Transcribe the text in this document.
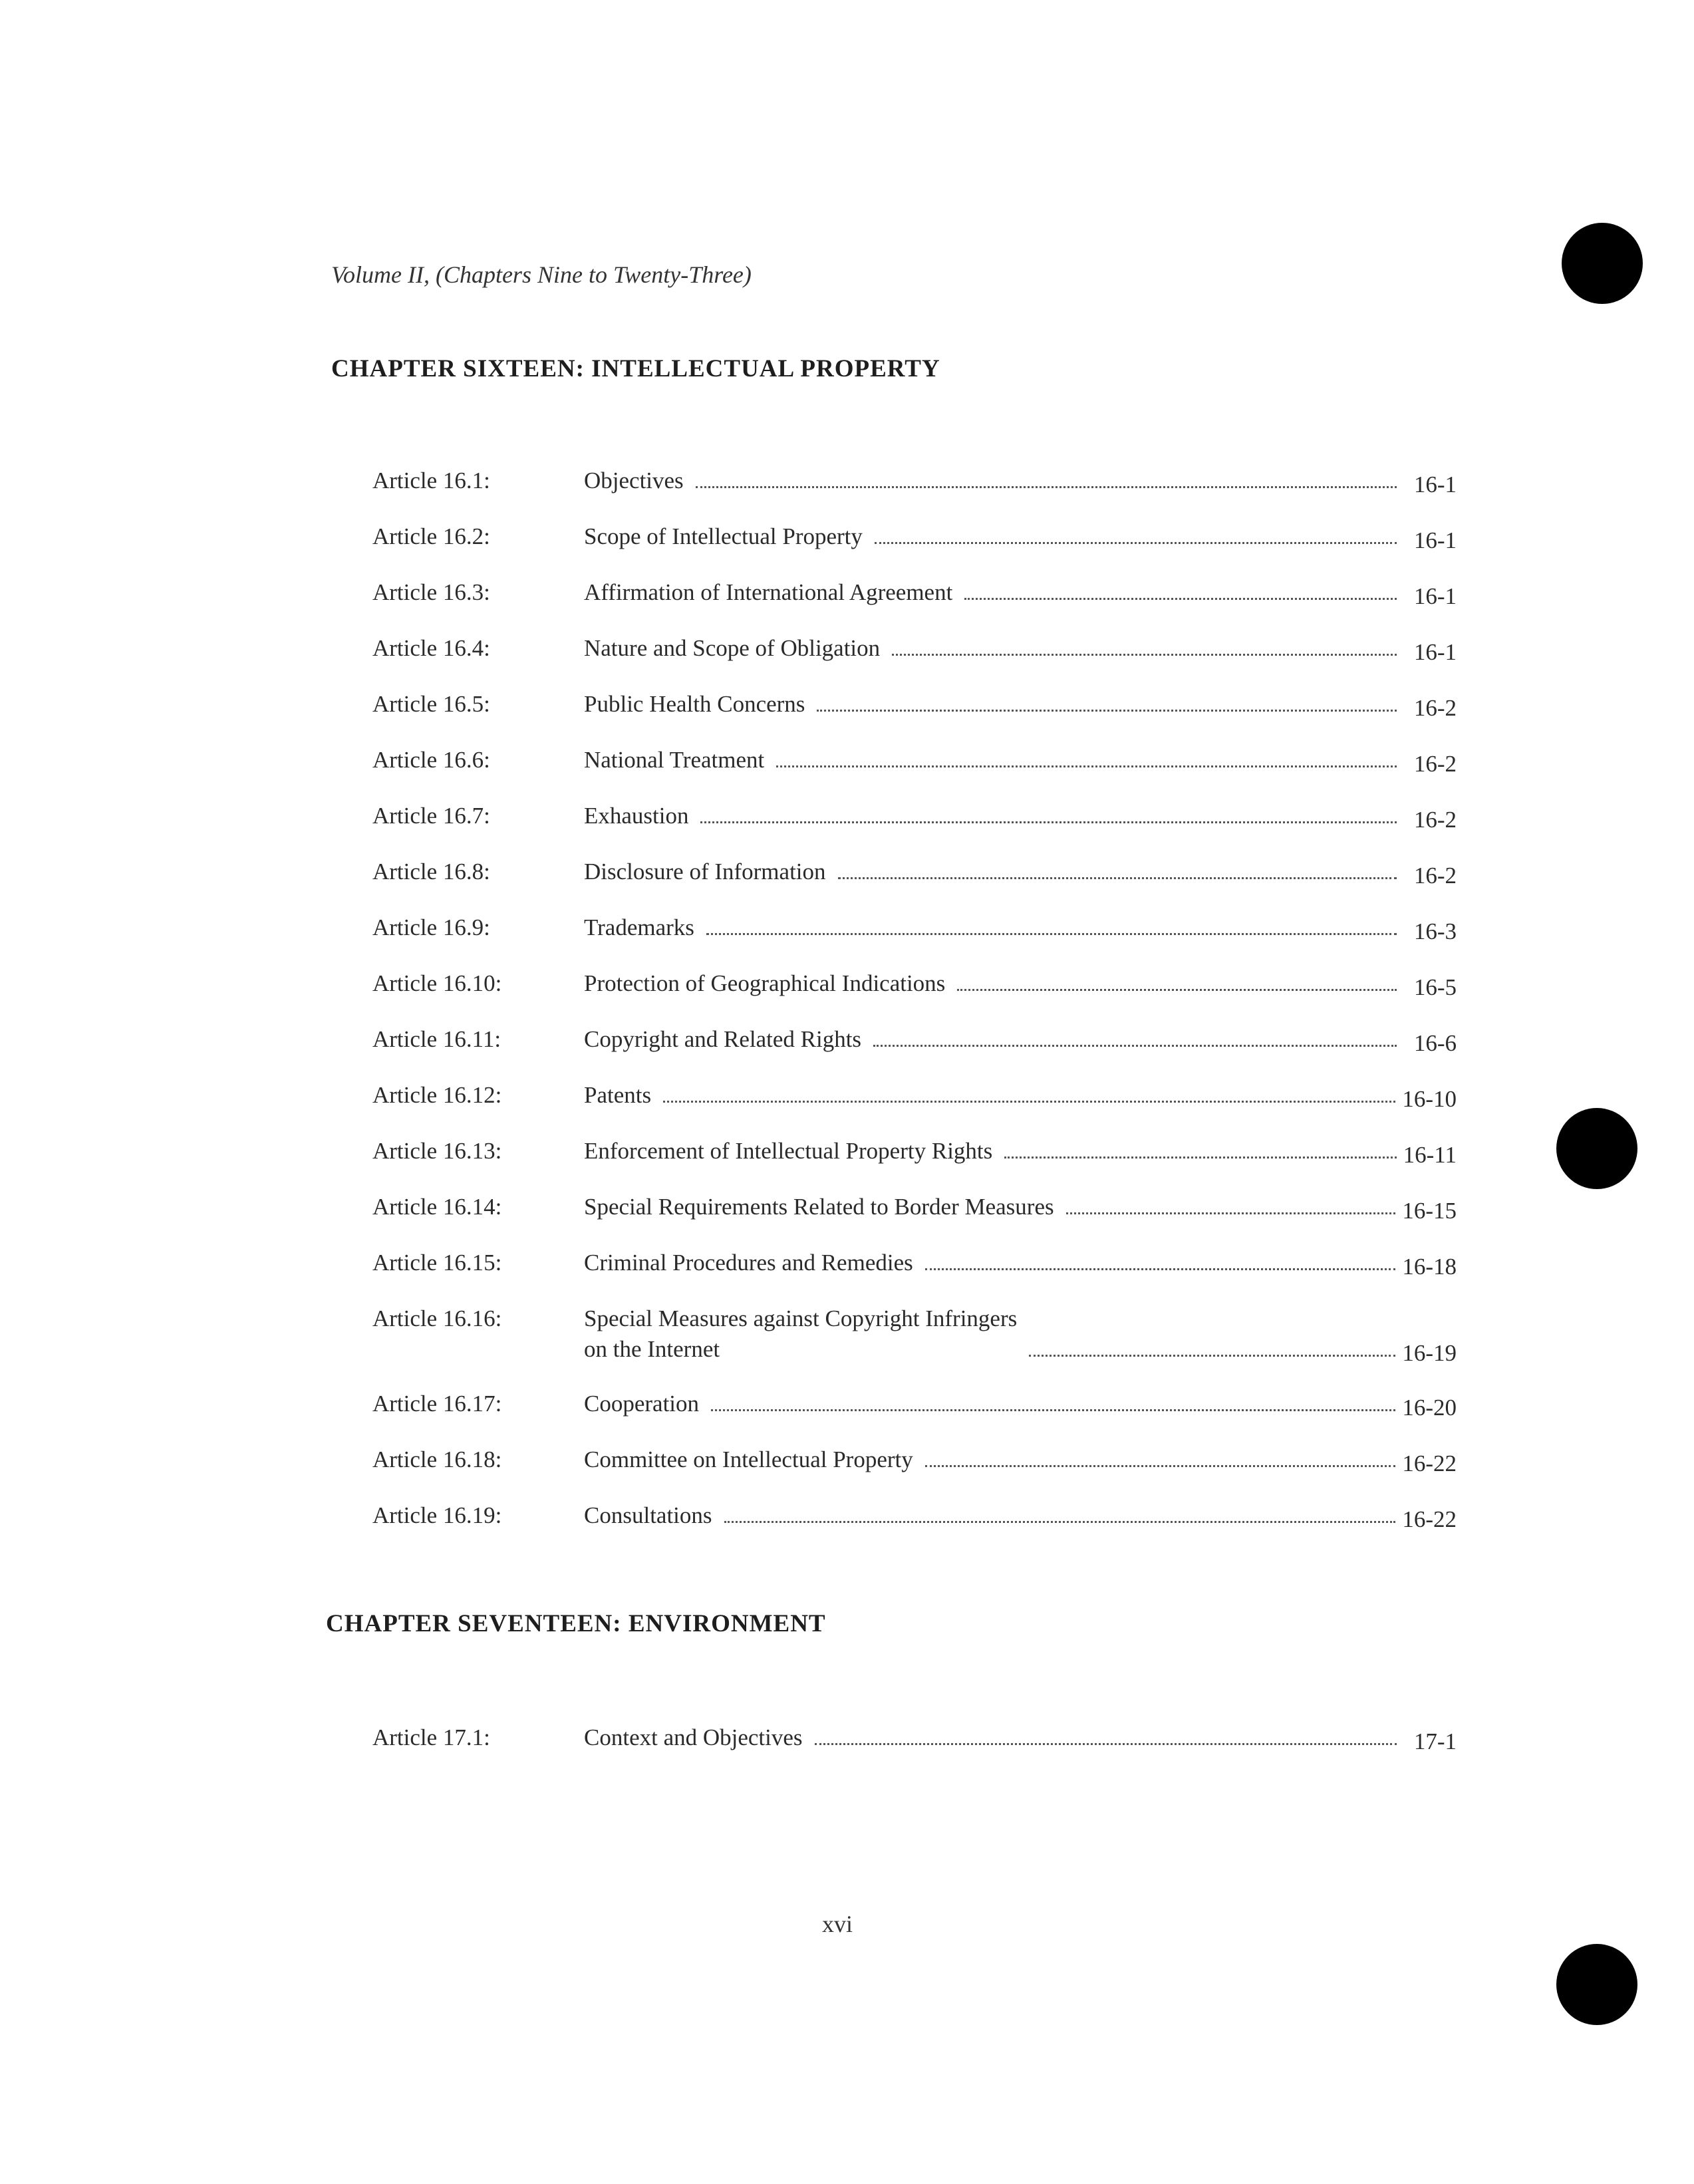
Volume II, (Chapters Nine to Twenty-Three)
CHAPTER SIXTEEN: INTELLECTUAL PROPERTY
Article 16.1:	Objectives	16-1
Article 16.2:	Scope of Intellectual Property	16-1
Article 16.3:	Affirmation of International Agreement	16-1
Article 16.4:	Nature and Scope of Obligation	16-1
Article 16.5:	Public Health Concerns	16-2
Article 16.6:	National Treatment	16-2
Article 16.7:	Exhaustion	16-2
Article 16.8:	Disclosure of Information	16-2
Article 16.9:	Trademarks	16-3
Article 16.10:	Protection of Geographical Indications	16-5
Article 16.11:	Copyright and Related Rights	16-6
Article 16.12:	Patents	16-10
Article 16.13:	Enforcement of Intellectual Property Rights	16-11
Article 16.14:	Special Requirements Related to Border Measures	16-15
Article 16.15:	Criminal Procedures and Remedies	16-18
Article 16.16:	Special Measures against Copyright Infringers
on the Internet	16-19
Article 16.17:	Cooperation	16-20
Article 16.18:	Committee on Intellectual Property	16-22
Article 16.19:	Consultations	16-22
CHAPTER SEVENTEEN: ENVIRONMENT
Article 17.1:	Context and Objectives	17-1
xvi
